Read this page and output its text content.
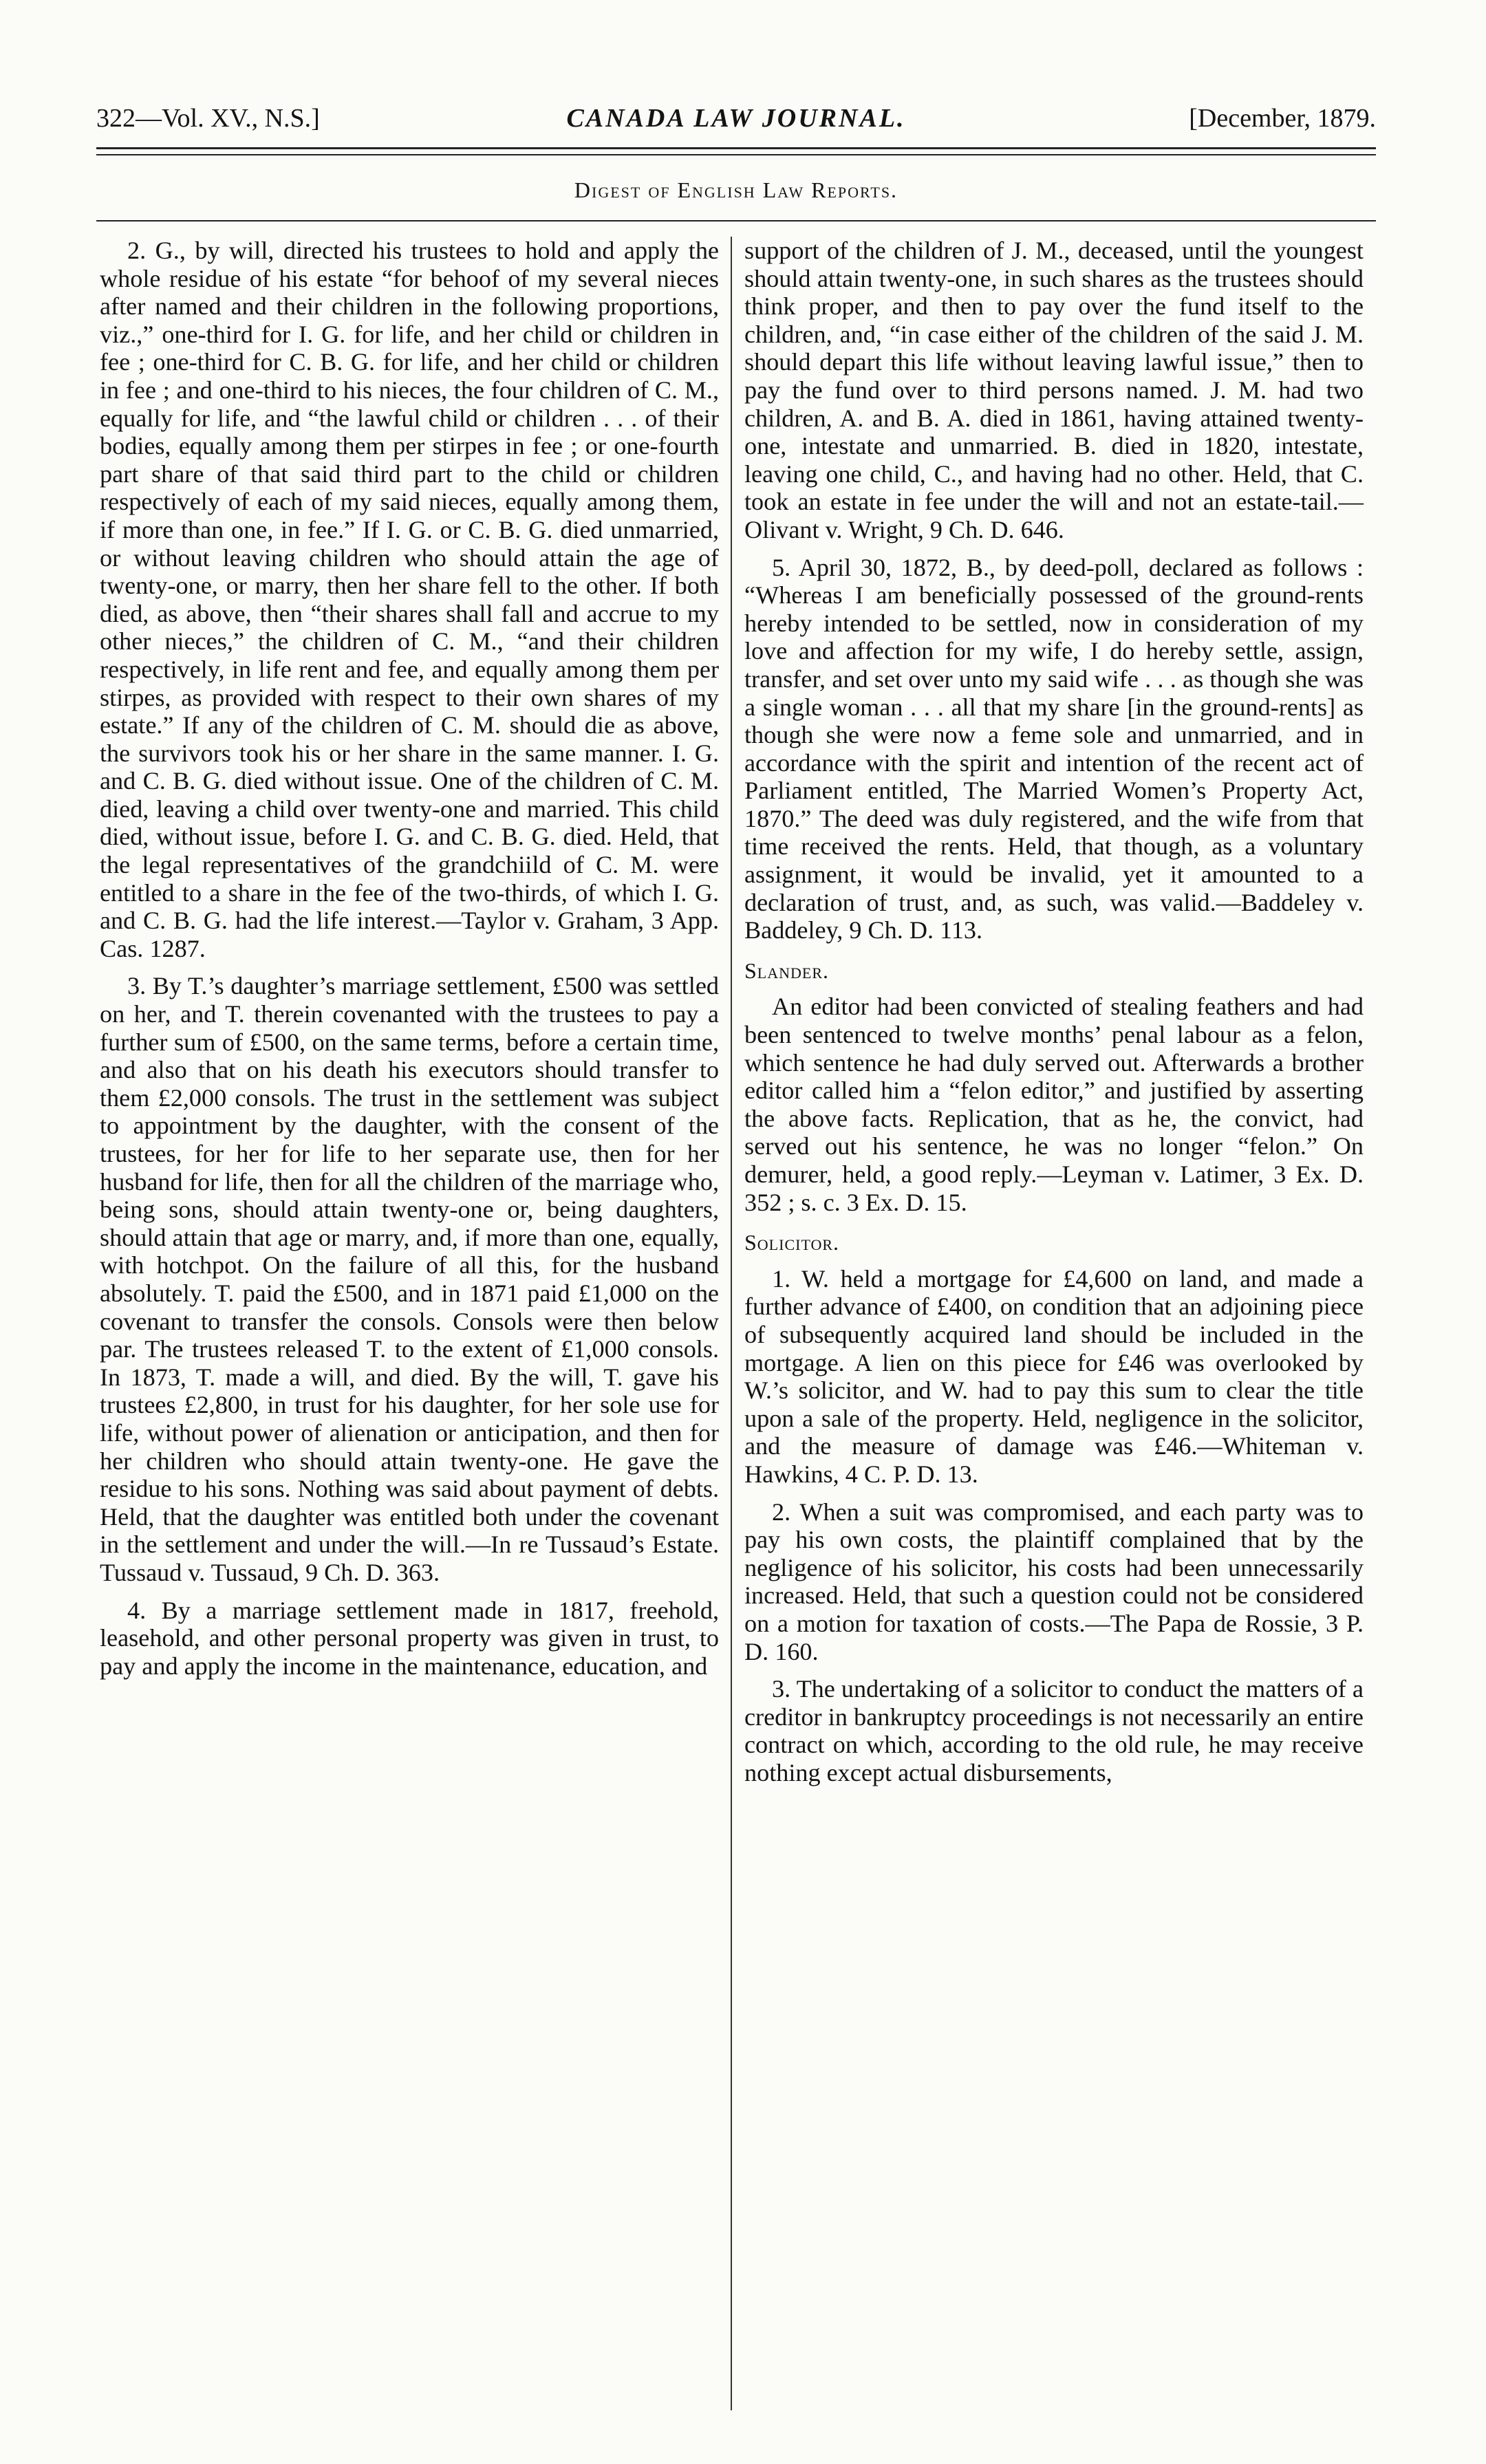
322—Vol. XV., N.S.]	CANADA LAW JOURNAL.	[December, 1879.
Digest of English Law Reports.

2. G., by will, directed his trustees to hold and apply the whole residue of his estate “for behoof of my several nieces after named and their children in the following proportions, viz.,” one-third for I. G. for life, and her child or children in fee ; one-third for C. B. G. for life, and her child or children in fee ; and one-third to his nieces, the four children of C. M., equally for life, and “the lawful child or children . . . of their bodies, equally among them per stirpes in fee ; or one-fourth part share of that said third part to the child or children respectively of each of my said nieces, equally among them, if more than one, in fee.” If I. G. or C. B. G. died unmarried, or without leaving children who should attain the age of twenty-one, or marry, then her share fell to the other. If both died, as above, then “their shares shall fall and accrue to my other nieces,” the children of C. M., “and their children respectively, in life rent and fee, and equally among them per stirpes, as provided with respect to their own shares of my estate.” If any of the children of C. M. should die as above, the survivors took his or her share in the same manner. I. G. and C. B. G. died without issue. One of the children of C. M. died, leaving a child over twenty-one and married. This child died, without issue, before I. G. and C. B. G. died. Held, that the legal representatives of the grandchiild of C. M. were entitled to a share in the fee of the two-thirds, of which I. G. and C. B. G. had the life interest.—Taylor v. Graham, 3 App. Cas. 1287.

3. By T.’s daughter’s marriage settlement, £500 was settled on her, and T. therein covenanted with the trustees to pay a further sum of £500, on the same terms, before a certain time, and also that on his death his executors should transfer to them £2,000 consols. The trust in the settlement was subject to appointment by the daughter, with the consent of the trustees, for her for life to her separate use, then for her husband for life, then for all the children of the marriage who, being sons, should attain twenty-one or, being daughters, should attain that age or marry, and, if more than one, equally, with hotchpot. On the failure of all this, for the husband absolutely. T. paid the £500, and in 1871 paid £1,000 on the covenant to transfer the consols. Consols were then below par. The trustees released T. to the extent of £1,000 consols. In 1873, T. made a will, and died. By the will, T. gave his trustees £2,800, in trust for his daughter, for her sole use for life, without power of alienation or anticipation, and then for her children who should attain twenty-one. He gave the residue to his sons. Nothing was said about payment of debts. Held, that the daughter was entitled both under the covenant in the settlement and under the will.—In re Tussaud’s Estate. Tussaud v. Tussaud, 9 Ch. D. 363.

4. By a marriage settlement made in 1817, freehold, leasehold, and other personal property was given in trust, to pay and apply the income in the maintenance, education, and

support of the children of J. M., deceased, until the youngest should attain twenty-one, in such shares as the trustees should think proper, and then to pay over the fund itself to the children, and, “in case either of the children of the said J. M. should depart this life without leaving lawful issue,” then to pay the fund over to third persons named. J. M. had two children, A. and B. A. died in 1861, having attained twenty-one, intestate and unmarried. B. died in 1820, intestate, leaving one child, C., and having had no other. Held, that C. took an estate in fee under the will and not an estate-tail.—Olivant v. Wright, 9 Ch. D. 646.

5. April 30, 1872, B., by deed-poll, declared as follows : “Whereas I am beneficially possessed of the ground-rents hereby intended to be settled, now in consideration of my love and affection for my wife, I do hereby settle, assign, transfer, and set over unto my said wife . . . as though she was a single woman . . . all that my share [in the ground-rents] as though she were now a feme sole and unmarried, and in accordance with the spirit and intention of the recent act of Parliament entitled, The Married Women’s Property Act, 1870.” The deed was duly registered, and the wife from that time received the rents. Held, that though, as a voluntary assignment, it would be invalid, yet it amounted to a declaration of trust, and, as such, was valid.—Baddeley v. Baddeley, 9 Ch. D. 113.

Slander.

An editor had been convicted of stealing feathers and had been sentenced to twelve months’ penal labour as a felon, which sentence he had duly served out. Afterwards a brother editor called him a “felon editor,” and justified by asserting the above facts. Replication, that as he, the convict, had served out his sentence, he was no longer “felon.” On demurer, held, a good reply.—Leyman v. Latimer, 3 Ex. D. 352 ; s. c. 3 Ex. D. 15.

Solicitor.

1. W. held a mortgage for £4,600 on land, and made a further advance of £400, on condition that an adjoining piece of subsequently acquired land should be included in the mortgage. A lien on this piece for £46 was overlooked by W.’s solicitor, and W. had to pay this sum to clear the title upon a sale of the property. Held, negligence in the solicitor, and the measure of damage was £46.—Whiteman v. Hawkins, 4 C. P. D. 13.

2. When a suit was compromised, and each party was to pay his own costs, the plaintiff complained that by the negligence of his solicitor, his costs had been unnecessarily increased. Held, that such a question could not be considered on a motion for taxation of costs.—The Papa de Rossie, 3 P. D. 160.

3. The undertaking of a solicitor to conduct the matters of a creditor in bankruptcy proceedings is not necessarily an entire contract on which, according to the old rule, he may receive nothing except actual disbursements,
